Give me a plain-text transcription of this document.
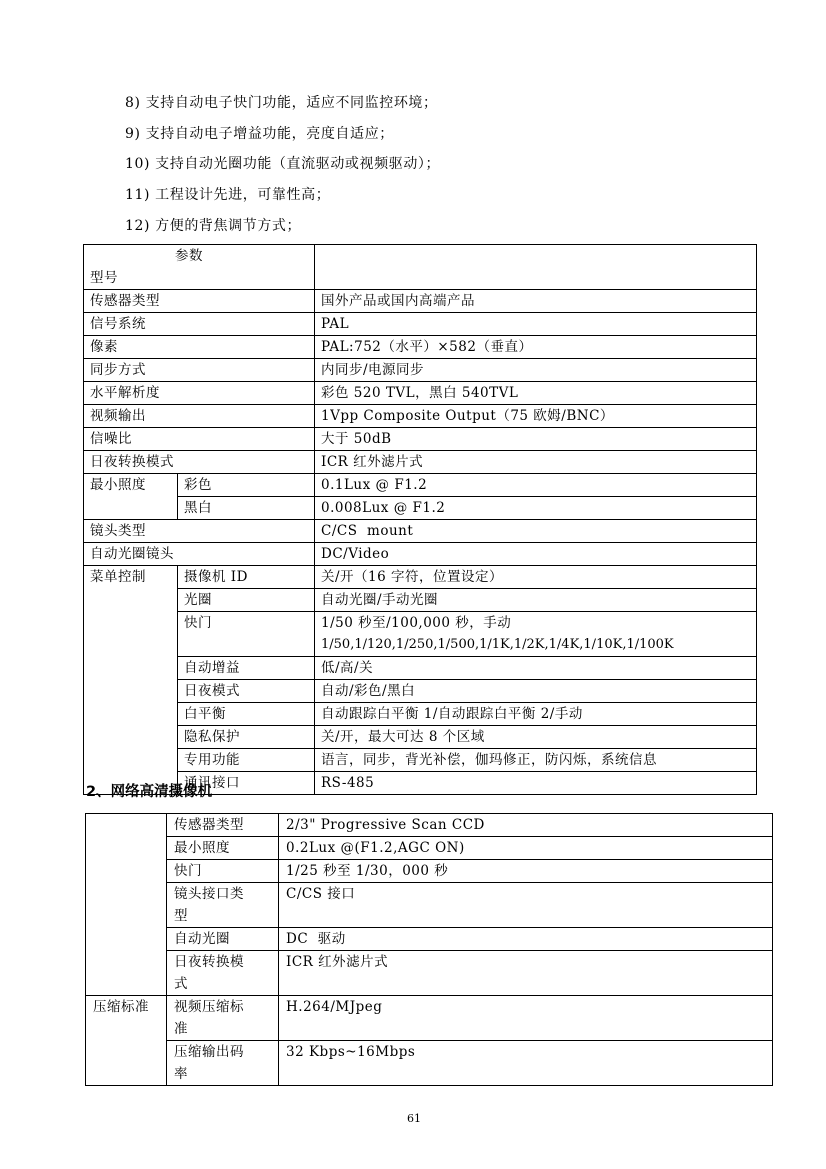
8) 支持自动电子快门功能，适应不同监控环境；
9) 支持自动电子增益功能，亮度自适应；
10) 支持自动光圈功能（直流驱动或视频驱动）；
11) 工程设计先进，可靠性高；
12) 方便的背焦调节方式；
参数
型号		
传感器类型		国外产品或国内高端产品
信号系统		PAL
像素		PAL:752（水平）×582（垂直）
同步方式		内同步/电源同步
水平解析度		彩色 520 TVL，黑白 540TVL
视频输出		1Vpp Composite Output（75 欧姆/BNC）
信噪比		大于 50dB
日夜转换模式		ICR 红外滤片式
最小照度	彩色	0.1Lux @ F1.2
	黑白	0.008Lux @ F1.2
镜头类型		C/CS  mount
自动光圈镜头		DC/Video
菜单控制	摄像机 ID	关/开（16 字符，位置设定）
	光圈	自动光圈/手动光圈
	快门	1/50 秒至/100,000 秒，手动
1/50,1/120,1/250,1/500,1/1K,1/2K,1/4K,1/10K,1/100K

	自动增益	低/高/关
	日夜模式	自动/彩色/黑白
	白平衡	自动跟踪白平衡 1/自动跟踪白平衡 2/手动
	隐私保护	关/开，最大可达 8 个区域
	专用功能	语言，同步，背光补偿，伽玛修正，防闪烁，系统信息
	通讯接口	RS-485
2、网络高清摄像机
	传感器类型	2/3" Progressive Scan CCD
	最小照度	0.2Lux @(F1.2,AGC ON)
	快门	1/25 秒至 1/30，000 秒

	镜头接口类
型	C/CS 接口
	自动光圈	DC  驱动

	日夜转换模
式	ICR 红外滤片式
压缩标准	视频压缩标
准	H.264/MJpeg

	压缩输出码
率	32 Kbps~16Mbps
61
